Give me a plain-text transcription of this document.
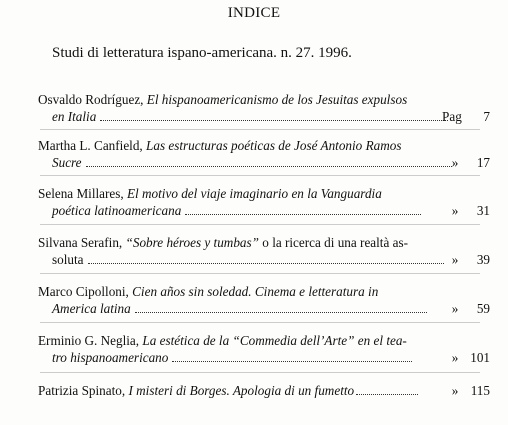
INDICE
Studi di letteratura ispano-americana. n. 27. 1996.
Osvaldo Rodríguez, El hispanoamericanismo de los Jesuitas expulsos
en Italia	Pag 7
Martha L. Canfield, Las estructuras poéticas de José Antonio Ramos
Sucre	» 17
Selena Millares, El motivo del viaje imaginario en la Vanguardia
poética latinoamericana	» 31
Silvana Serafin, “Sobre héroes y tumbas” o la ricerca di una realtà as-
soluta	» 39
Marco Cipolloni, Cien años sin soledad. Cinema e letteratura in
America latina	» 59
Erminio G. Neglia, La estética de la “Commedia dell’Arte” en el tea-
tro hispanoamericano	» 101
Patrizia Spinato, I misteri di Borges. Apologia di un fumetto	» 115
